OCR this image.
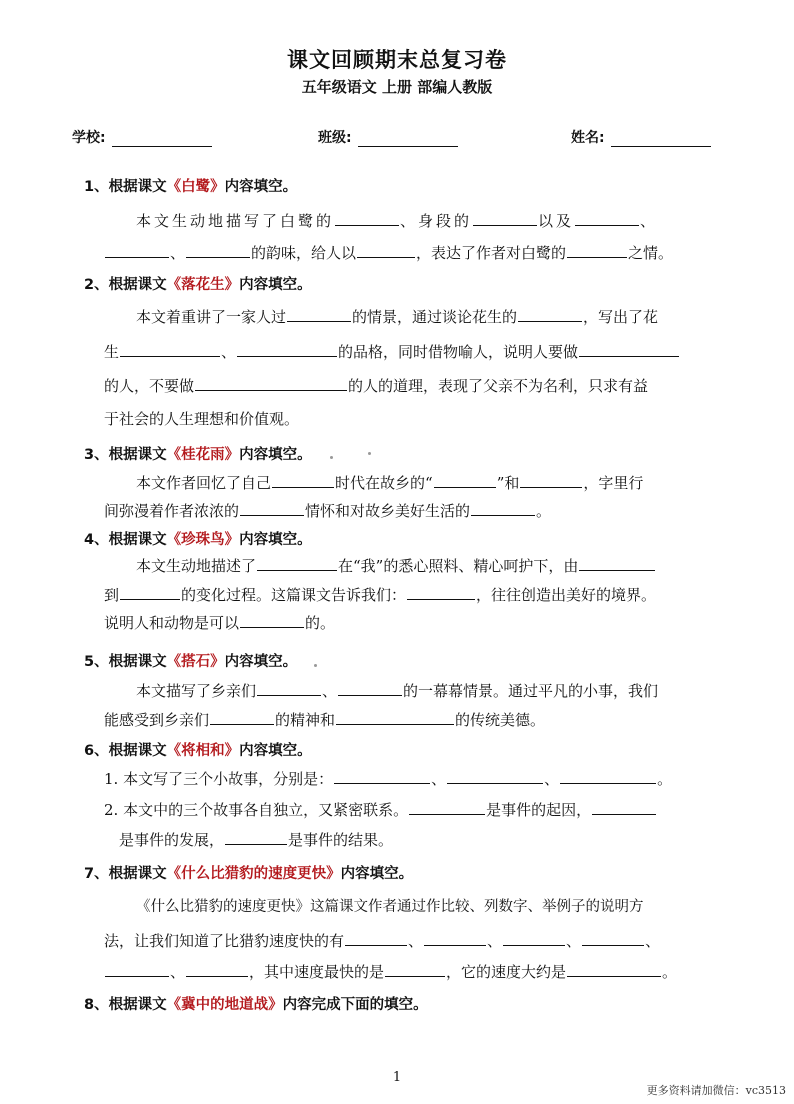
课文回顾期末总复习卷
五年级语文 上册 部编人教版
学校:	班级:	姓名:
1、根据课文《白鹭》内容填空。
本文生动地描写了白鹭的	、身段的	以及	、
、	的韵味，给人以	，表达了作者对白鹭的	之情。
2、根据课文《落花生》内容填空。
本文着重讲了一家人过	的情景，通过谈论花生的	，写出了花
生	、	的品格，同时借物喻人，说明人要做
的人，不要做	的人的道理，表现了父亲不为名利，只求有益
于社会的人生理想和价值观。
3、根据课文《桂花雨》内容填空。
本文作者回忆了自己	时代在故乡的“	”和	，字里行
间弥漫着作者浓浓的	情怀和对故乡美好生活的	。
4、根据课文《珍珠鸟》内容填空。
本文生动地描述了	在“我”的悉心照料、精心呵护下，由
到	的变化过程。这篇课文告诉我们：	，往往创造出美好的境界。
说明人和动物是可以	的。
5、根据课文《搭石》内容填空。
本文描写了乡亲们	、	的一幕幕情景。通过平凡的小事，我们
能感受到乡亲们	的精神和	的传统美德。
6、根据课文《将相和》内容填空。
1. 本文写了三个小故事，分别是：	、	、	。
2. 本文中的三个故事各自独立，又紧密联系。	是事件的起因，
是事件的发展，	是事件的结果。
7、根据课文《什么比猎豹的速度更快》内容填空。
《什么比猎豹的速度更快》这篇课文作者通过作比较、列数字、举例子的说明方
法，让我们知道了比猎豹速度快的有	、	、	、	、
、	，其中速度最快的是	，它的速度大约是	。
8、根据课文《冀中的地道战》内容完成下面的填空。
1
更多资料请加微信：vc3513
